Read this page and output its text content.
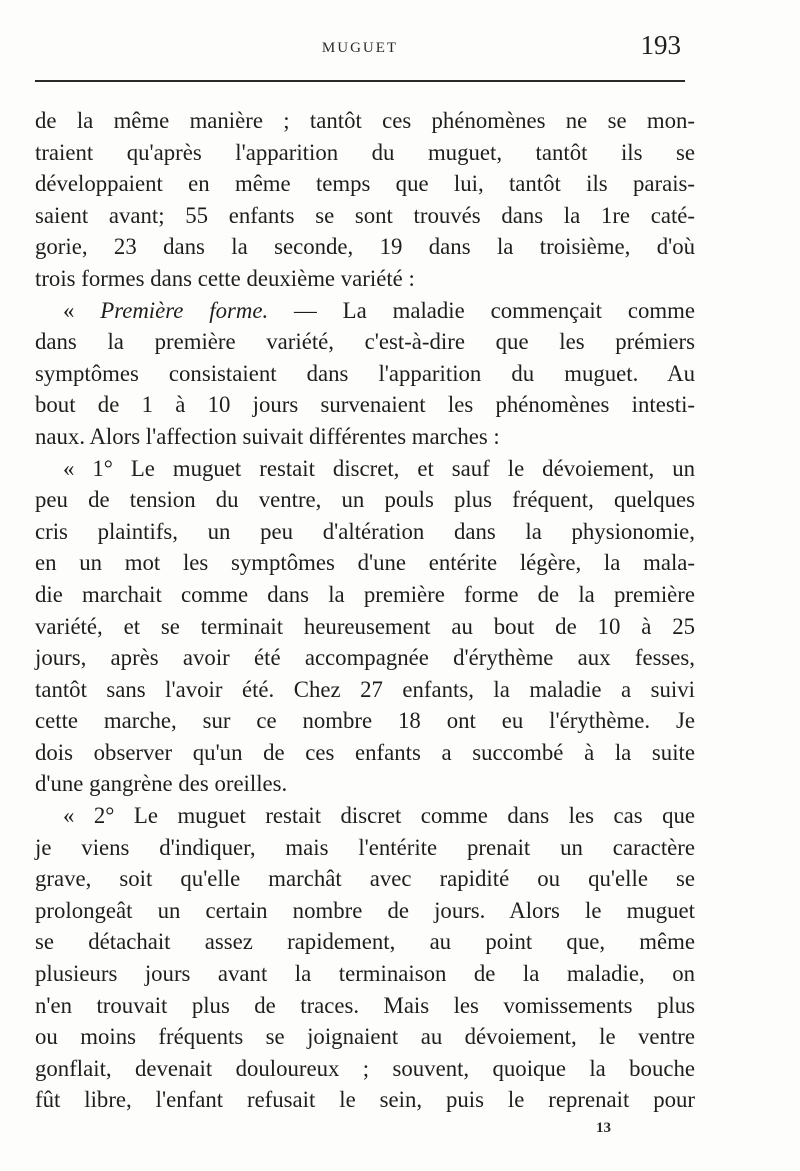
MUGUET	193
de la même manière ; tantôt ces phénomènes ne se mon-
traient qu'après l'apparition du muguet, tantôt ils se
développaient en même temps que lui, tantôt ils parais-
saient avant; 55 enfants se sont trouvés dans la 1re caté-
gorie, 23 dans la seconde, 19 dans la troisième, d'où
trois formes dans cette deuxième variété :
« Première forme. — La maladie commençait comme
dans la première variété, c'est-à-dire que les prémiers
symptômes consistaient dans l'apparition du muguet. Au
bout de 1 à 10 jours survenaient les phénomènes intesti-
naux. Alors l'affection suivait différentes marches :
« 1° Le muguet restait discret, et sauf le dévoiement, un
peu de tension du ventre, un pouls plus fréquent, quelques
cris plaintifs, un peu d'altération dans la physionomie,
en un mot les symptômes d'une entérite légère, la mala-
die marchait comme dans la première forme de la première
variété, et se terminait heureusement au bout de 10 à 25
jours, après avoir été accompagnée d'érythème aux fesses,
tantôt sans l'avoir été. Chez 27 enfants, la maladie a suivi
cette marche, sur ce nombre 18 ont eu l'érythème. Je
dois observer qu'un de ces enfants a succombé à la suite
d'une gangrène des oreilles.
« 2° Le muguet restait discret comme dans les cas que
je viens d'indiquer, mais l'entérite prenait un caractère
grave, soit qu'elle marchât avec rapidité ou qu'elle se
prolongeât un certain nombre de jours. Alors le muguet
se détachait assez rapidement, au point que, même
plusieurs jours avant la terminaison de la maladie, on
n'en trouvait plus de traces. Mais les vomissements plus
ou moins fréquents se joignaient au dévoiement, le ventre
gonflait, devenait douloureux ; souvent, quoique la bouche
fût libre, l'enfant refusait le sein, puis le reprenait pour
13
